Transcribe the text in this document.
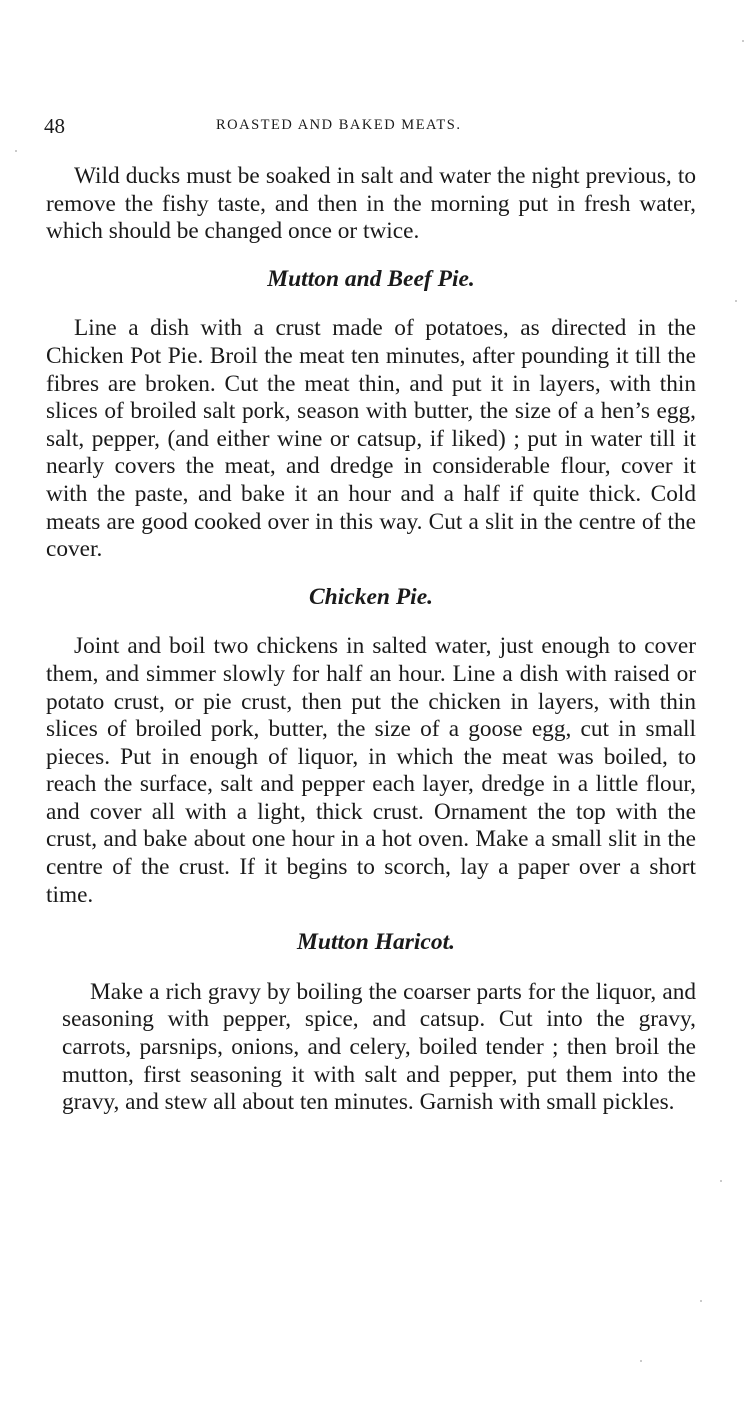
48	ROASTED AND BAKED MEATS.

Wild ducks must be soaked in salt and water the night previous, to remove the fishy taste, and then in the morning put in fresh water, which should be changed once or twice.

Mutton and Beef Pie.

Line a dish with a crust made of potatoes, as directed in the Chicken Pot Pie. Broil the meat ten minutes, after pounding it till the fibres are broken. Cut the meat thin, and put it in layers, with thin slices of broiled salt pork, season with butter, the size of a hen’s egg, salt, pepper, (and either wine or catsup, if liked) ; put in water till it nearly covers the meat, and dredge in considerable flour, cover it with the paste, and bake it an hour and a half if quite thick. Cold meats are good cooked over in this way. Cut a slit in the centre of the cover.

Chicken Pie.

Joint and boil two chickens in salted water, just enough to cover them, and simmer slowly for half an hour. Line a dish with raised or potato crust, or pie crust, then put the chicken in layers, with thin slices of broiled pork, butter, the size of a goose egg, cut in small pieces. Put in enough of liquor, in which the meat was boiled, to reach the surface, salt and pepper each layer, dredge in a little flour, and cover all with a light, thick crust. Ornament the top with the crust, and bake about one hour in a hot oven. Make a small slit in the centre of the crust. If it begins to scorch, lay a paper over a short time.

Mutton Haricot.

Make a rich gravy by boiling the coarser parts for the liquor, and seasoning with pepper, spice, and catsup. Cut into the gravy, carrots, parsnips, onions, and celery, boiled tender ; then broil the mutton, first seasoning it with salt and pepper, put them into the gravy, and stew all about ten minutes. Garnish with small pickles.
